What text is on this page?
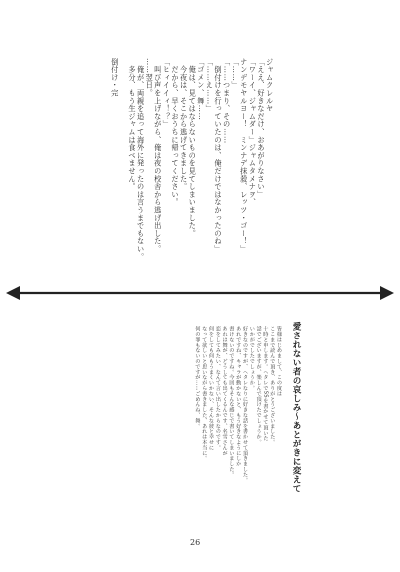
ジャムクレルヤ
「ええ、好きなだけ、おあがりなさい」
「ワーイ、ジャムダー」ジャムタメナヲ、
ナンデモヤルヨー！　ミンナデ抹殺、レッツ・ゴー！」
「……」
「……つまり、その……
　倒付けを行っていたのは、俺だけではなかったのね」
「……え……」
「ゴメン、舞……
　俺は、見てはならないものを見てしまいました。
　今夜は、そこから逃げてきました。
　だから、早くおうちに帰ってください。
「ヒィイイィ！？」
　叫び声を上げながら、俺は夜の校舎から逃げ出した。
……翌日。
　俺が、両親を追って海外に発ったのは言うまでもない。
　多分、もう生ジャムは食べません。
倒付け・完
愛されない者の哀しみ～あとがきに変えて
皆様はじめまして、この度は
ここまで読んで頂き、ありがとうございました。
十時と申します。ヘタレでSSを書かせて頂いた
話でございますが、楽しんで頂けたでしょうか。
いかがでしたでしょうか。
好きなのですが、ヘタレなりに好きな話を書かせて頂きました。
あれですね、キャラが動かないと、もう好きなようにしか
書けないのですね。今回もそんな感じで書いてしまいました。
あれは舞が、どうしても出てくるんです、名雪さんが
恋をしてみたい、なんて言い出したからなのです。
何をしても何もうまくいかない、そんな彼と幸せに
なって欲しいと思いながら書きました、あれは本当に。
何の罪もないのですが……ごめんね、舞。
26
